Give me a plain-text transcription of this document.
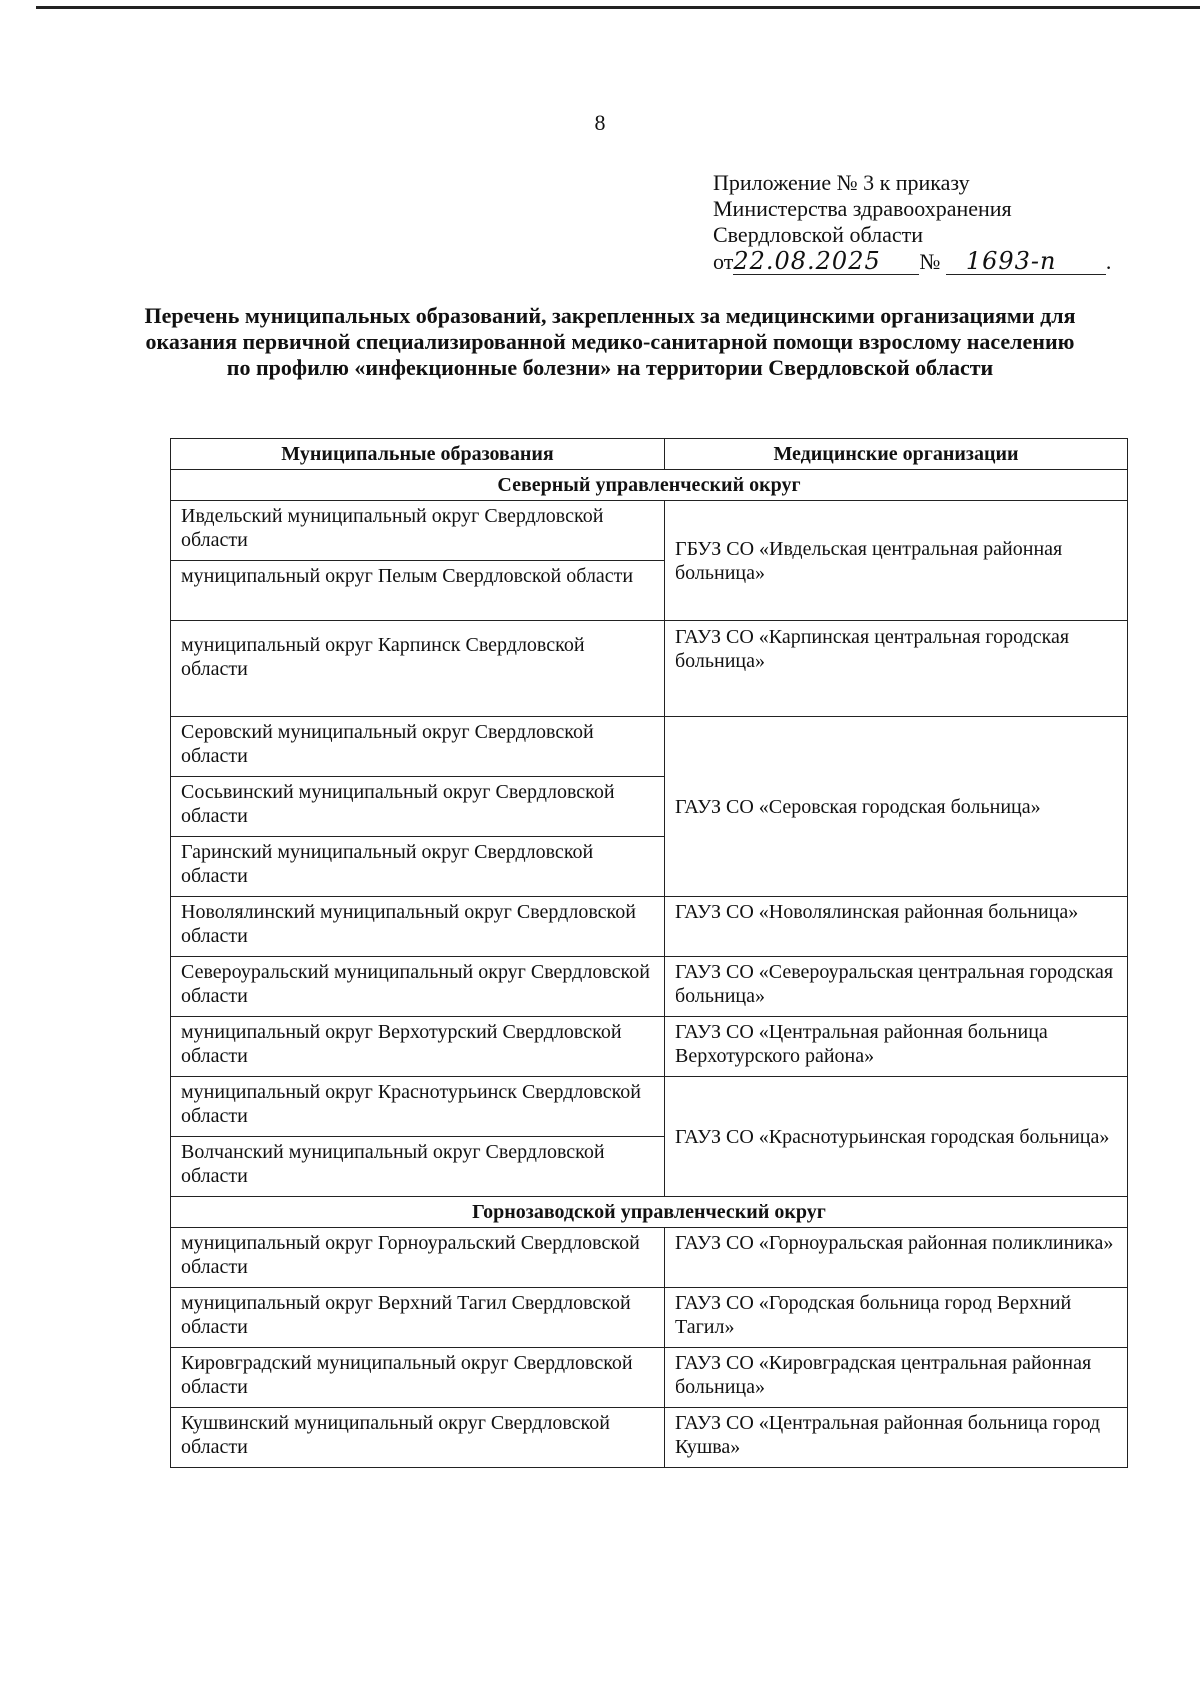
8
Приложение № 3 к приказу
Министерства здравоохранения
Свердловской области
от22.08.2025 № 1693-п .
Перечень муниципальных образований, закрепленных за медицинскими организациями для оказания первичной специализированной медико-санитарной помощи взрослому населению по профилю «инфекционные болезни» на территории Свердловской области
Муниципальные образования	Медицинские организации
Северный управленческий округ	
Ивдельский муниципальный округ Свердловской области	ГБУЗ СО «Ивдельская центральная районная больница»
муниципальный округ Пелым Свердловской области	
муниципальный округ Карпинск Свердловской области	ГАУЗ СО «Карпинская центральная городская больница»
Серовский муниципальный округ Свердловской области	ГАУЗ СО «Серовская городская больница»
Сосьвинский муниципальный округ Свердловской области	
Гаринский муниципальный округ Свердловской области	
Новолялинский муниципальный округ Свердловской области	ГАУЗ СО «Новолялинская районная больница»
Североуральский муниципальный округ Свердловской области	ГАУЗ СО «Североуральская центральная городская больница»
муниципальный округ Верхотурский Свердловской области	ГАУЗ СО «Центральная районная больница Верхотурского района»
муниципальный округ Краснотурьинск Свердловской области	ГАУЗ СО «Краснотурьинская городская больница»
Волчанский муниципальный округ Свердловской области	
Горнозаводской управленческий округ	
муниципальный округ Горноуральский Свердловской области	ГАУЗ СО «Горноуральская районная поликлиника»
муниципальный округ Верхний Тагил Свердловской области	ГАУЗ СО «Городская больница город Верхний Тагил»
Кировградский муниципальный округ Свердловской области	ГАУЗ СО «Кировградская центральная районная больница»
Кушвинский муниципальный округ Свердловской области	ГАУЗ СО «Центральная районная больница город Кушва»
